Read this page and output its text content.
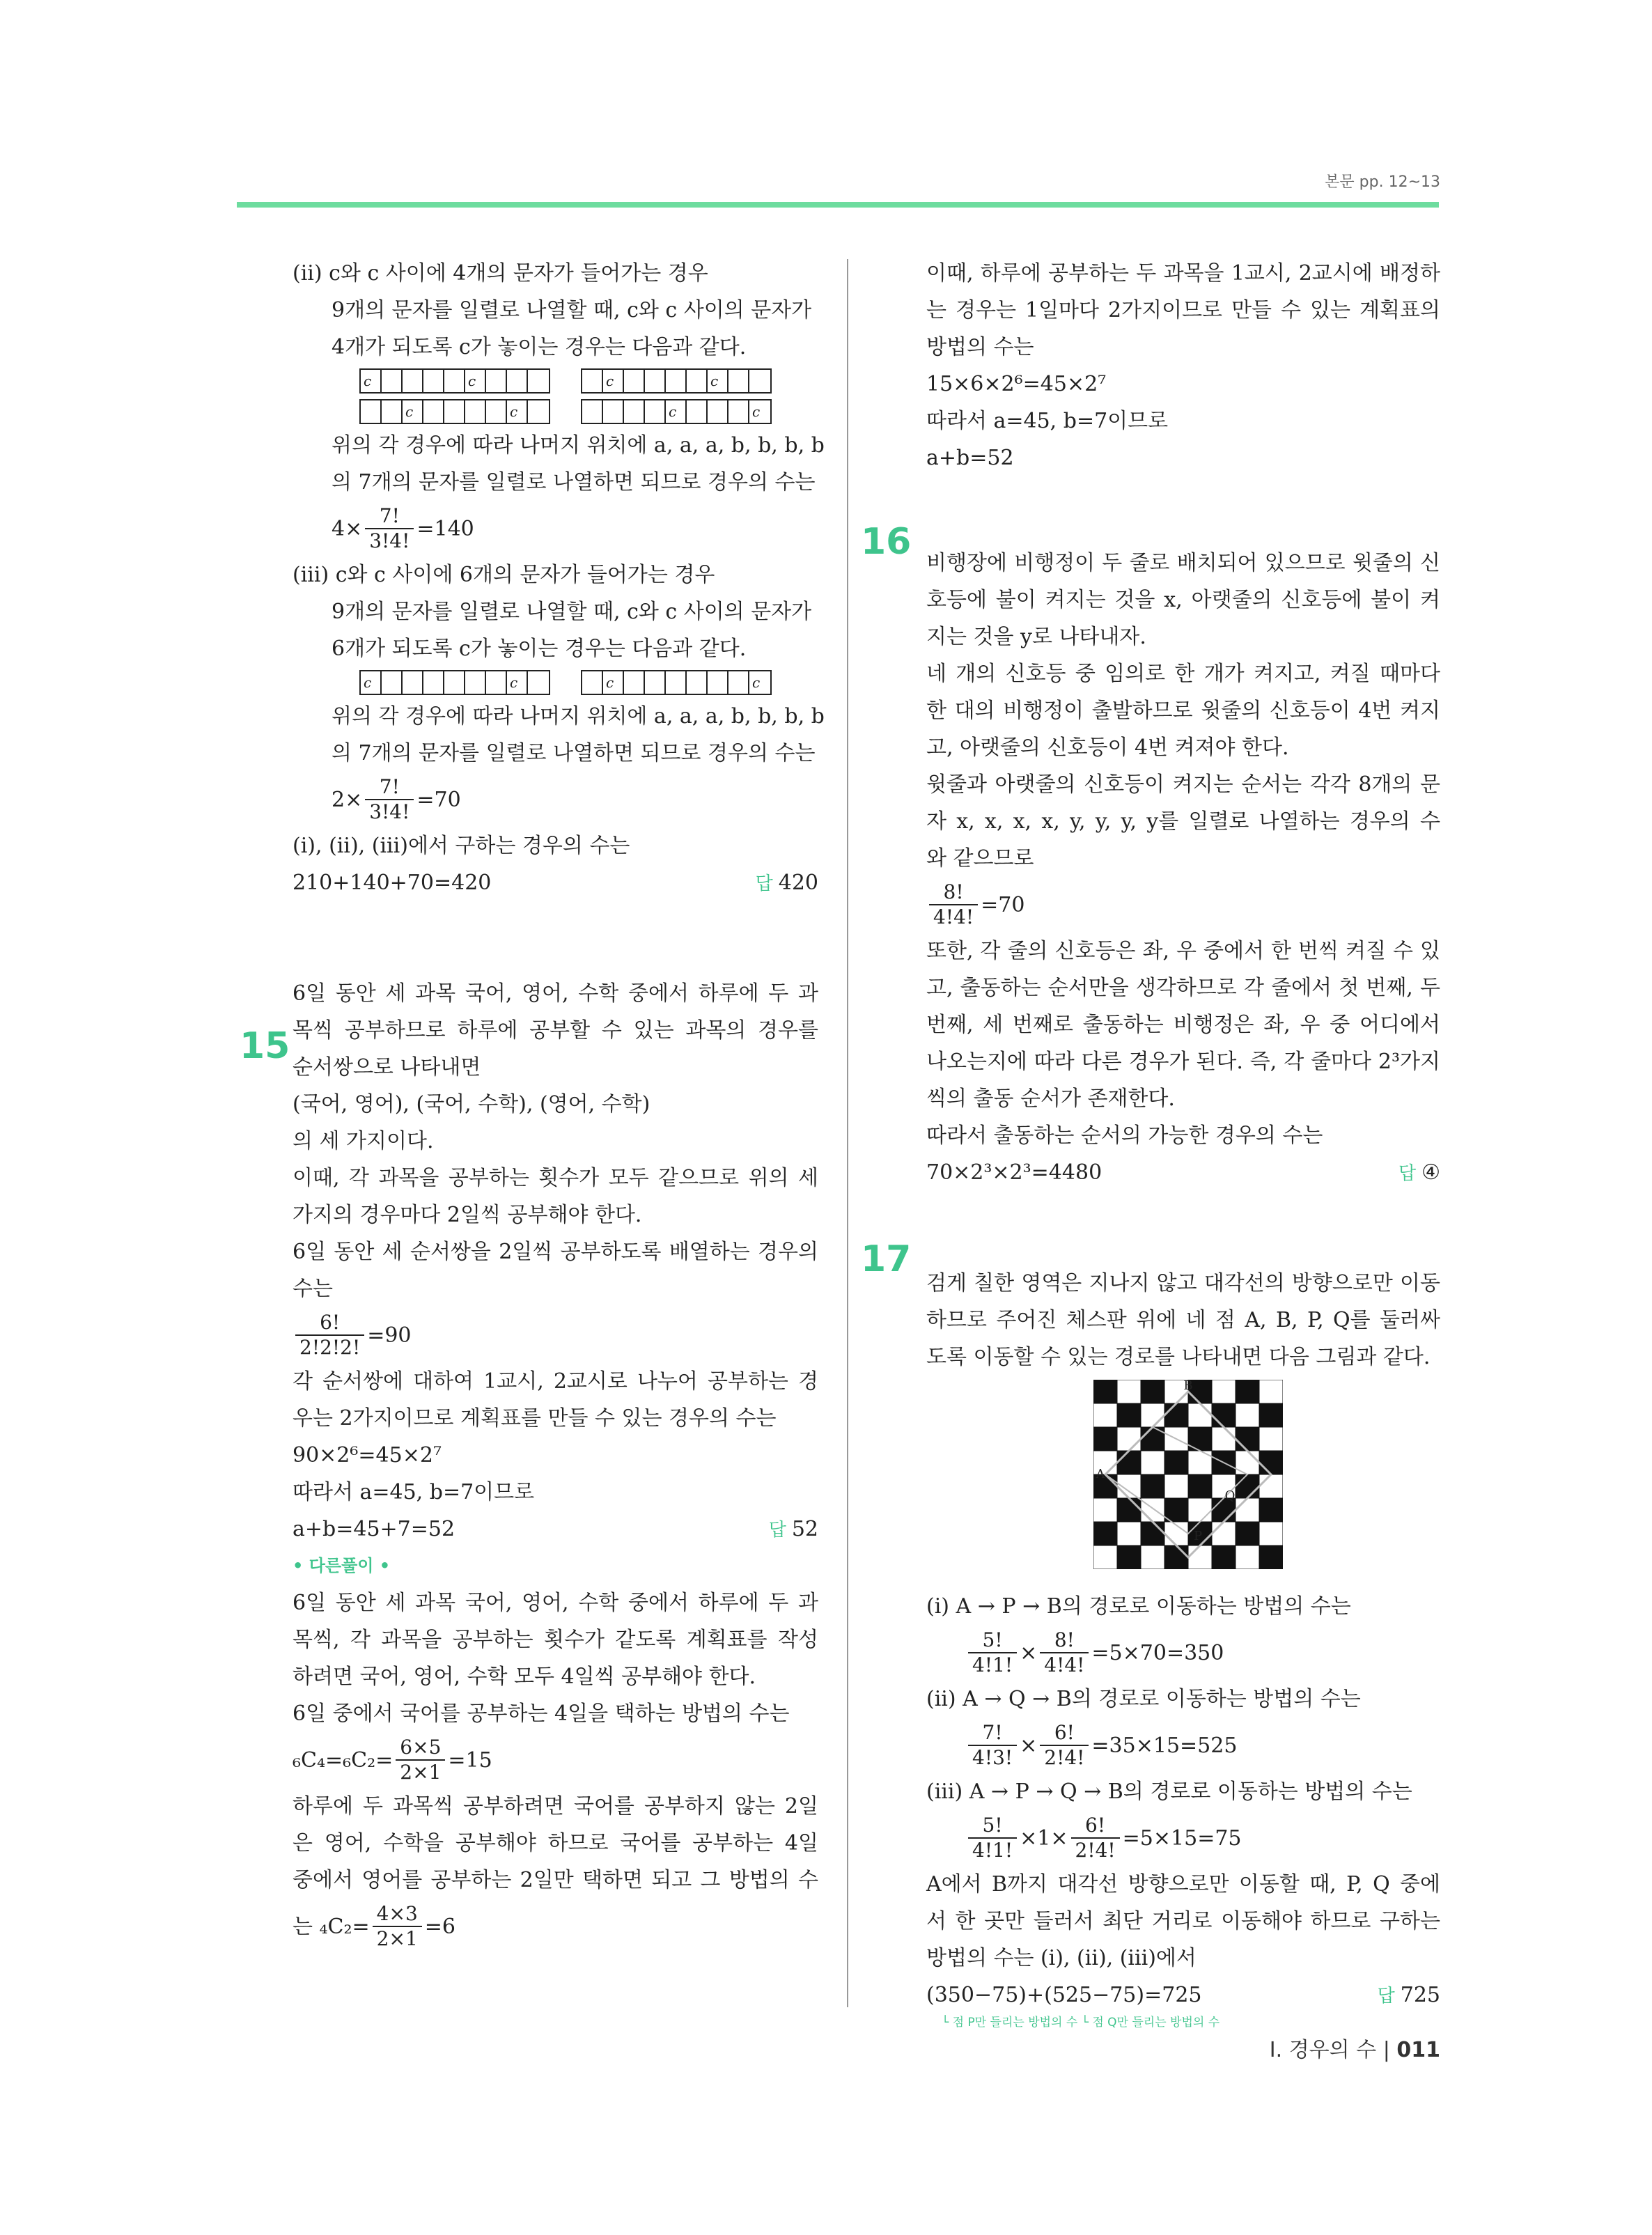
본문 pp. 12~13
(ii) c와 c 사이에 4개의 문자가 들어가는 경우
9개의 문자를 일렬로 나열할 때, c와 c 사이의 문자가
4개가 되도록 c가 놓이는 경우는 다음과 같다.
c	c	c	c
c	c	c	c
위의 각 경우에 따라 나머지 위치에 a, a, a, b, b, b, b
의 7개의 문자를 일렬로 나열하면 되므로 경우의 수는
$4\times \frac{7!}{3!4!} =140$
(iii) c와 c 사이에 6개의 문자가 들어가는 경우
9개의 문자를 일렬로 나열할 때, c와 c 사이의 문자가
6개가 되도록 c가 놓이는 경우는 다음과 같다.
c	c	c	c
위의 각 경우에 따라 나머지 위치에 a, a, a, b, b, b, b
의 7개의 문자를 일렬로 나열하면 되므로 경우의 수는
$2\times \frac{7!}{3!4!} =70$
(i), (ii), (iii)에서 구하는 경우의 수는
210+140+70=420	답 420
6일 동안 세 과목 국어, 영어, 수학 중에서 하루에 두 과
목씩 공부하므로 하루에 공부할 수 있는 과목의 경우를
순서쌍으로 나타내면
(국어, 영어), (국어, 수학), (영어, 수학)
의 세 가지이다.
이때, 각 과목을 공부하는 횟수가 모두 같으므로 위의 세
가지의 경우마다 2일씩 공부해야 한다.
6일 동안 세 순서쌍을 2일씩 공부하도록 배열하는 경우의
수는
$\frac{6!}{2!2!2!} =90$
각 순서쌍에 대하여 1교시, 2교시로 나누어 공부하는 경
우는 2가지이므로 계획표를 만들 수 있는 경우의 수는
90×2⁶=45×2⁷
따라서 a=45, b=7이므로
a+b=45+7=52	답 52
• 다른풀이 •
6일 동안 세 과목 국어, 영어, 수학 중에서 하루에 두 과
목씩, 각 과목을 공부하는 횟수가 같도록 계획표를 작성
하려면 국어, 영어, 수학 모두 4일씩 공부해야 한다.
6일 중에서 국어를 공부하는 4일을 택하는 방법의 수는
$_6C_4=_6C_2= \frac{6\times 5}{2\times 1} =15$
하루에 두 과목씩 공부하려면 국어를 공부하지 않는 2일
은 영어, 수학을 공부해야 하므로 국어를 공부하는 4일
중에서 영어를 공부하는 2일만 택하면 되고 그 방법의 수
는 $_4C_2= \frac{4\times 3}{2\times 1} =6$
15
이때, 하루에 공부하는 두 과목을 1교시, 2교시에 배정하
는 경우는 1일마다 2가지이므로 만들 수 있는 계획표의
방법의 수는
15×6×2⁶=45×2⁷
따라서 a=45, b=7이므로
a+b=52
비행장에 비행정이 두 줄로 배치되어 있으므로 윗줄의 신
호등에 불이 켜지는 것을 x, 아랫줄의 신호등에 불이 켜
지는 것을 y로 나타내자.
네 개의 신호등 중 임의로 한 개가 켜지고, 켜질 때마다
한 대의 비행정이 출발하므로 윗줄의 신호등이 4번 켜지
고, 아랫줄의 신호등이 4번 켜져야 한다.
윗줄과 아랫줄의 신호등이 켜지는 순서는 각각 8개의 문
자 x, x, x, x, y, y, y, y를 일렬로 나열하는 경우의 수
와 같으므로
$\frac{8!}{4!4!} =70$
또한, 각 줄의 신호등은 좌, 우 중에서 한 번씩 켜질 수 있
고, 출동하는 순서만을 생각하므로 각 줄에서 첫 번째, 두
번째, 세 번째로 출동하는 비행정은 좌, 우 중 어디에서
나오는지에 따라 다른 경우가 된다. 즉, 각 줄마다 2³가지
씩의 출동 순서가 존재한다.
따라서 출동하는 순서의 가능한 경우의 수는
70×2³×2³=4480	답 ④
검게 칠한 영역은 지나지 않고 대각선의 방향으로만 이동
하므로 주어진 체스판 위에 네 점 A, B, P, Q를 둘러싸
도록 이동할 수 있는 경로를 나타내면 다음 그림과 같다.
B
A
P
Q
(i) A → P → B의 경로로 이동하는 방법의 수는
$\frac{5!}{4!1!} \times \frac{8!}{4!4!} =5\times 70=350$
(ii) A → Q → B의 경로로 이동하는 방법의 수는
$\frac{7!}{4!3!} \times \frac{6!}{2!4!} =35\times 15=525$
(iii) A → P → Q → B의 경로로 이동하는 방법의 수는
$\frac{5!}{4!1!} \times 1\times \frac{6!}{2!4!} =5\times 15=75$
A에서 B까지 대각선 방향으로만 이동할 때, P, Q 중에
서 한 곳만 들러서 최단 거리로 이동해야 하므로 구하는
방법의 수는 (i), (ii), (iii)에서
(350−75)+(525−75)=725	답 725
└ 점 P만 들리는 방법의 수 └ 점 Q만 들리는 방법의 수
16
17
Ⅰ. 경우의 수 | 011
